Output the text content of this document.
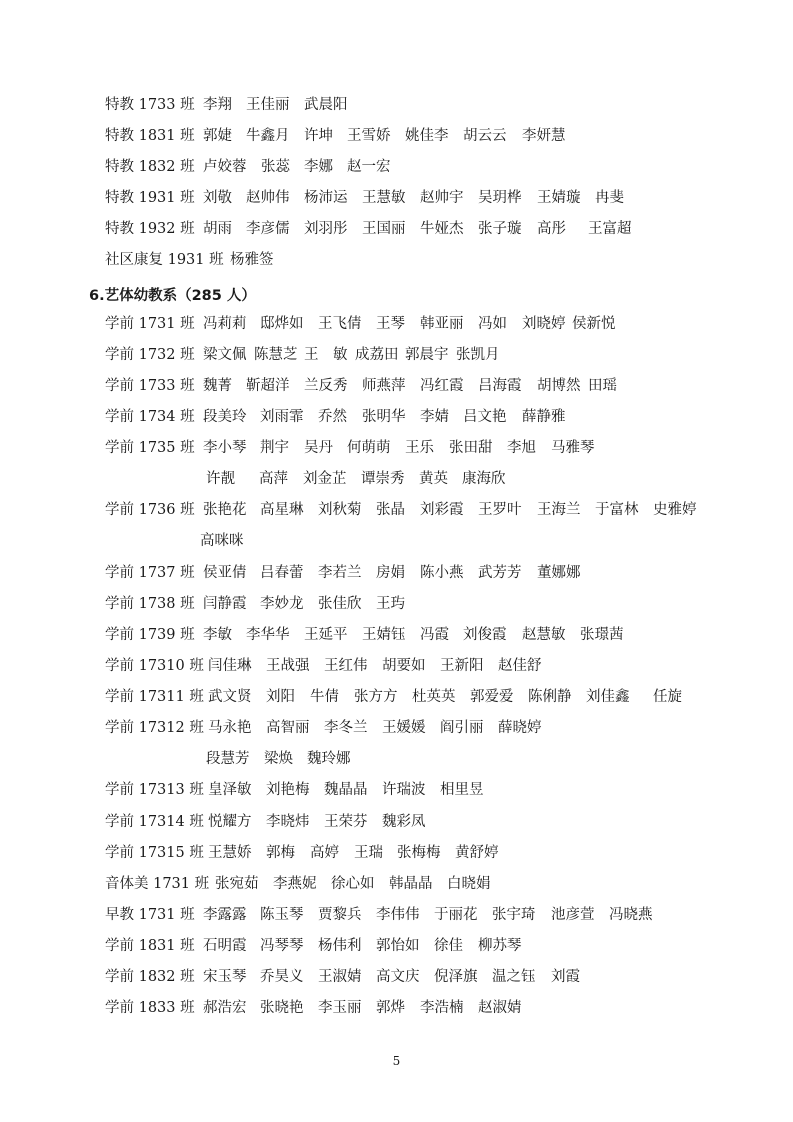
特教 1733 班 李翔 王佳丽 武晨阳
特教 1831 班 郭婕 牛鑫月 许坤 王雪娇 姚佳李 胡云云 李妍慧
特教 1832 班 卢姣蓉 张蕊 李娜 赵一宏
特教 1931 班 刘敬 赵帅伟 杨沛运 王慧敏 赵帅宇 吴玥桦 王婧璇 冉斐
特教 1932 班 胡雨 李彦儒 刘羽彤 王国丽 牛娅杰 张子璇 高彤 王富超
社区康复 1931 班 杨雅签
6.艺体幼教系（285 人）
学前 1731 班 冯莉莉 邸烨如 王飞倩 王琴 韩亚丽 冯如 刘晓婷 侯新悦
学前 1732 班 梁文佩 陈慧芝 王　敏 成荔田 郭晨宇 张凯月
学前 1733 班 魏菁 靳超洋 兰反秀 师燕萍 冯红霞 吕海霞 胡博然 田瑶
学前 1734 班 段美玲 刘雨霏 乔然 张明华 李婧 吕文艳 薛静雅
学前 1735 班 李小琴 荆宇 吴丹 何萌萌 王乐 张田甜 李旭 马雅琴
许靓 高萍 刘金芷 谭崇秀 黄英 康海欣
学前 1736 班 张艳花 高星琳 刘秋菊 张晶 刘彩霞 王罗叶 王海兰 于富林 史雅婷
高咪咪
学前 1737 班 侯亚倩 吕春蕾 李若兰 房娟 陈小燕 武芳芳 董娜娜
学前 1738 班 闫静霞 李妙龙 张佳欣 王玙
学前 1739 班 李敏 李华华 王延平 王婧钰 冯霞 刘俊霞 赵慧敏 张璟茜
学前 17310 班 闫佳琳 王战强 王红伟 胡要如 王新阳 赵佳舒
学前 17311 班 武文贤 刘阳 牛倩 张方方 杜英英 郭爱爱 陈俐静 刘佳鑫 任旋
学前 17312 班 马永艳 高智丽 李冬兰 王媛媛 阎引丽 薛晓婷
段慧芳 梁焕 魏玲娜
学前 17313 班 皇泽敏 刘艳梅 魏晶晶 许瑞波 相里昱
学前 17314 班 悦耀方 李晓炜 王荣芬 魏彩凤
学前 17315 班 王慧娇 郭梅 高婷 王瑞 张梅梅 黄舒婷
音体美 1731 班 张宛茹 李燕妮 徐心如 韩晶晶 白晓娟
早教 1731 班 李露露 陈玉琴 贾黎兵 李伟伟 于丽花 张宇琦 池彦萱 冯晓燕
学前 1831 班 石明霞 冯琴琴 杨伟利 郭怡如 徐佳 柳苏琴
学前 1832 班 宋玉琴 乔昊义 王淑婧 高文庆 倪泽旗 温之钰 刘霞
学前 1833 班 郝浩宏 张晓艳 李玉丽 郭烨 李浩楠 赵淑婧
5
